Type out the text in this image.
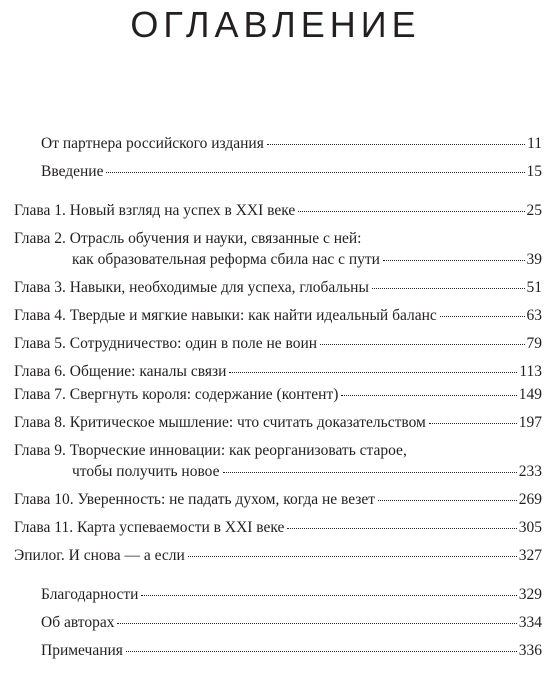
ОГЛАВЛЕНИЕ
От партнера российского издания	11
Введение	15
Глава 1. Новый взгляд на успех в XXI веке	25
Глава 2. Отрасль обучения и науки, связанные с ней:
как образовательная реформа сбила нас с пути	39
Глава 3. Навыки, необходимые для успеха, глобальны	51
Глава 4. Твердые и мягкие навыки: как найти идеальный баланс	63
Глава 5. Сотрудничество: один в поле не воин	79
Глава 6. Общение: каналы связи	113
Глава 7. Свергнуть короля: содержание (контент)	149
Глава 8. Критическое мышление: что считать доказательством	197
Глава 9. Творческие инновации: как реорганизовать старое,
чтобы получить новое	233
Глава 10. Уверенность: не падать духом, когда не везет	269
Глава 11. Карта успеваемости в XXI веке	305
Эпилог. И снова — а если	327
Благодарности	329
Об авторах	334
Примечания	336
